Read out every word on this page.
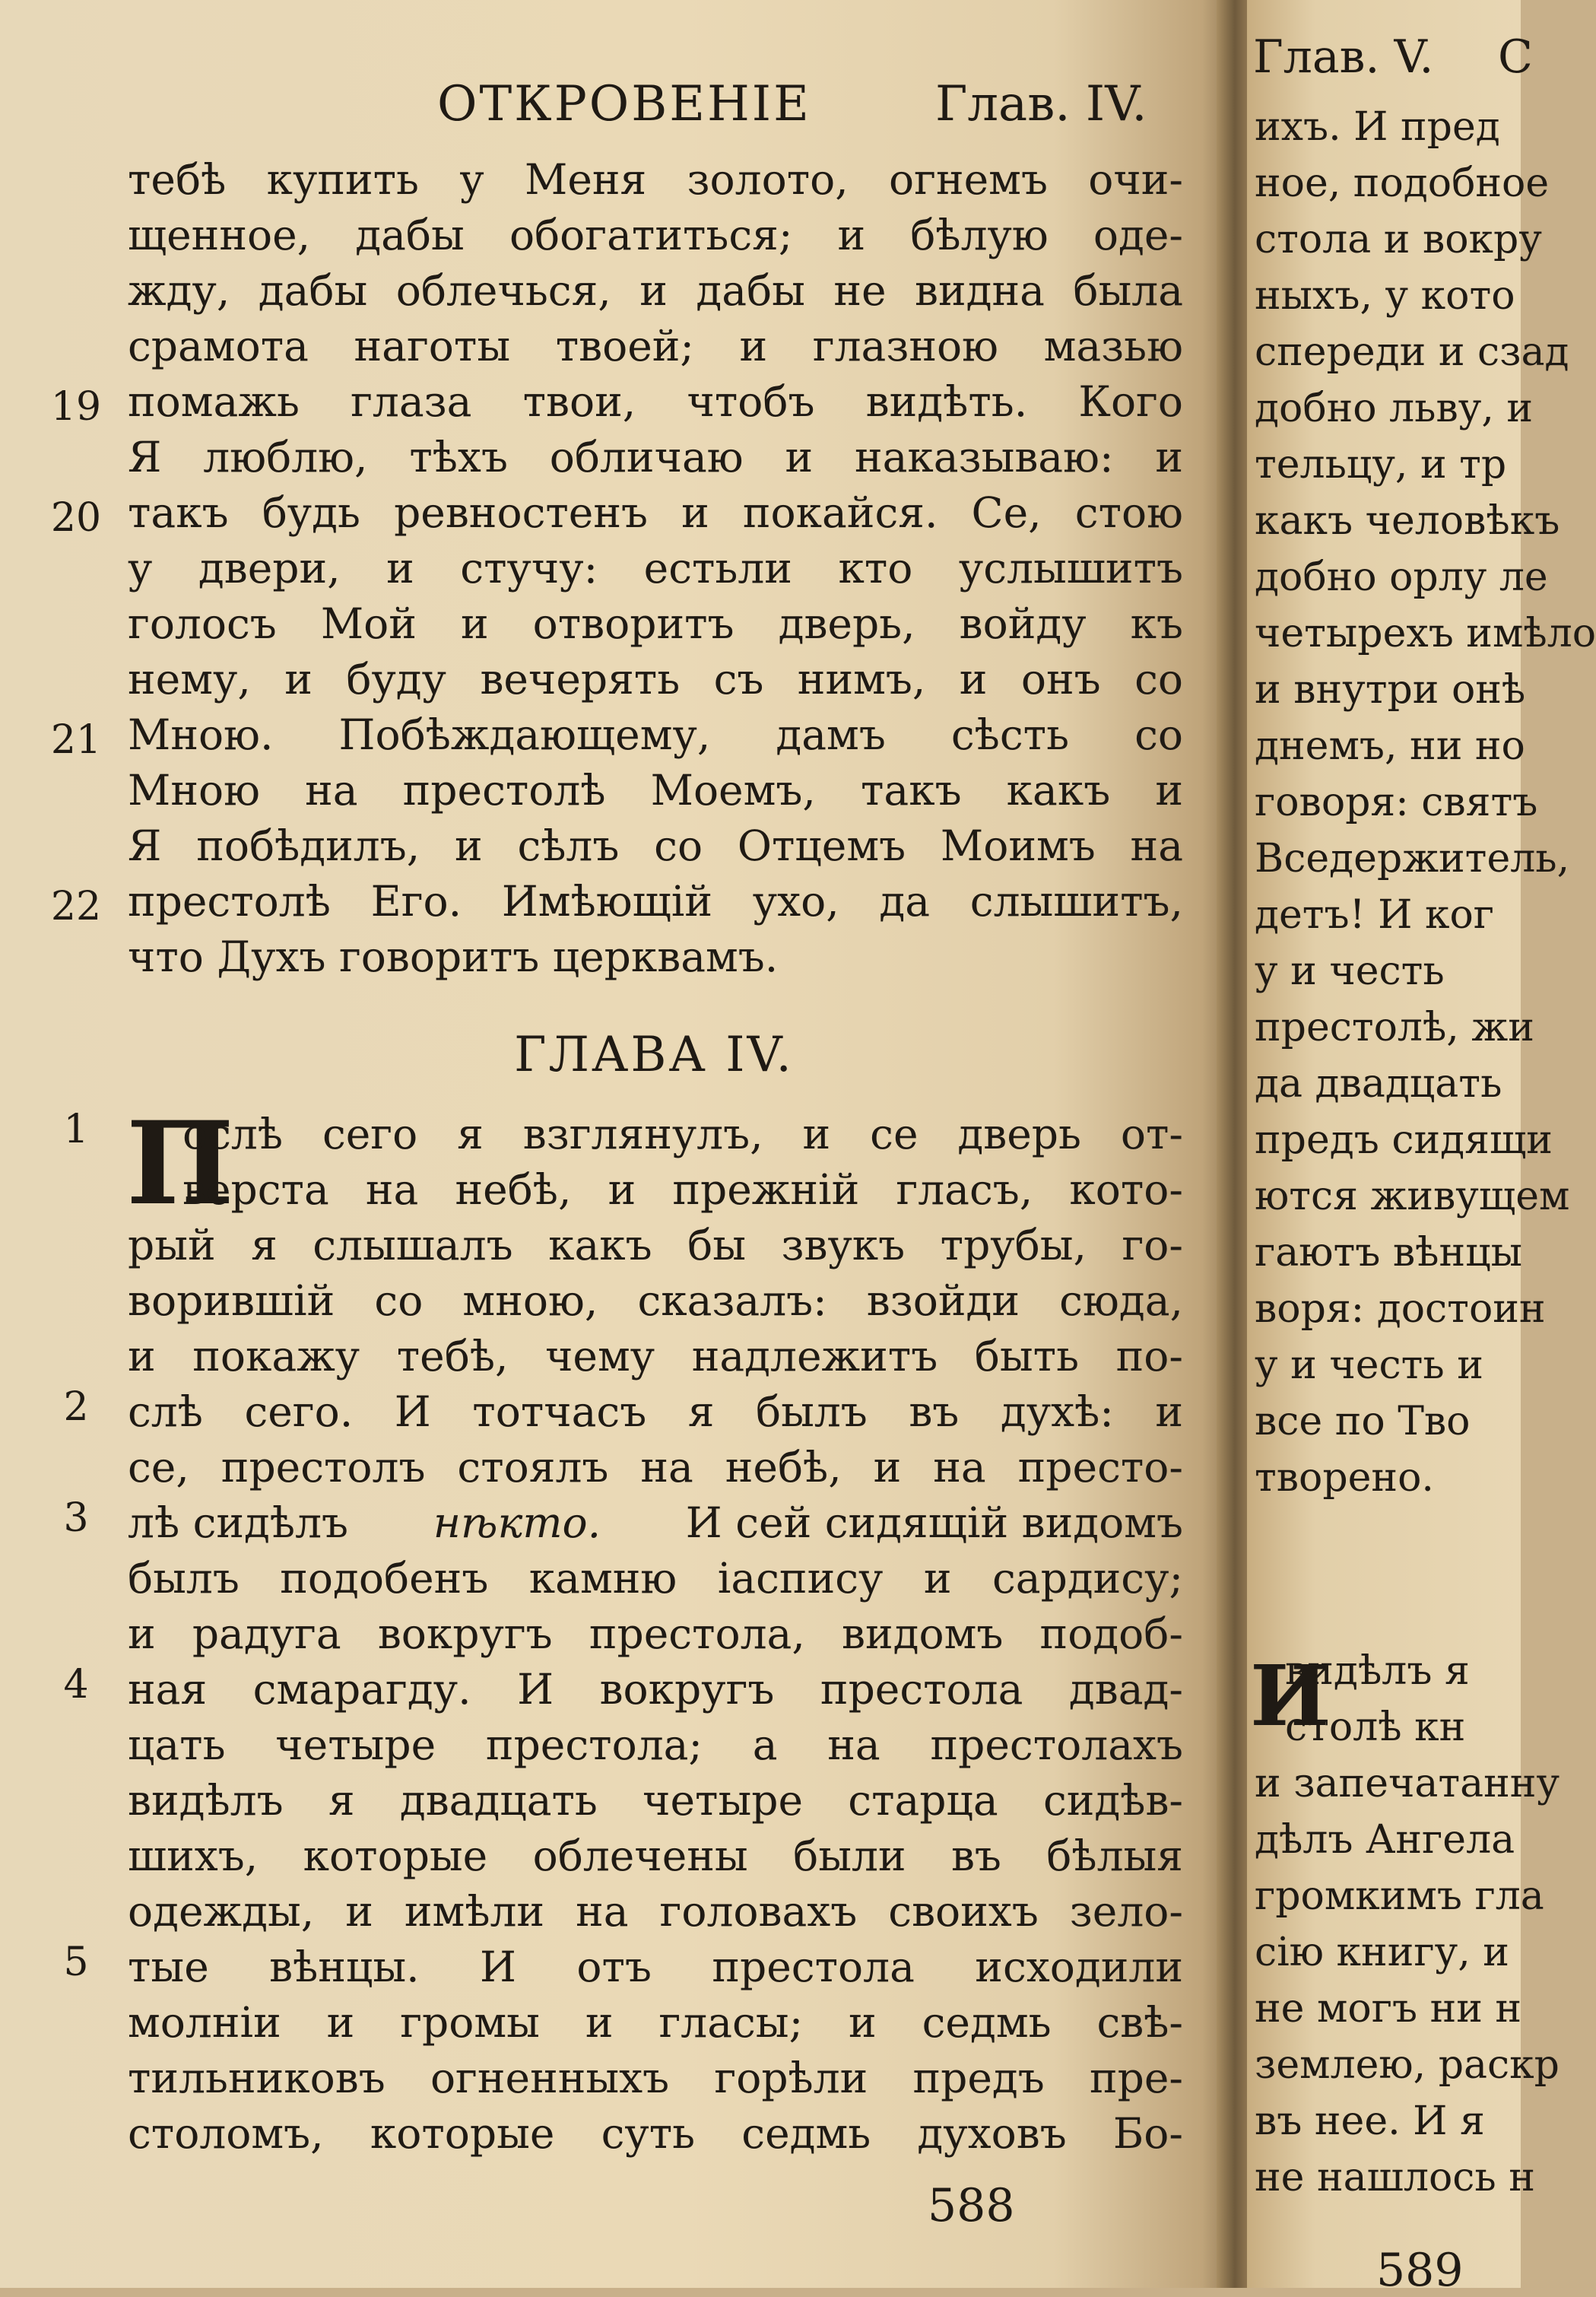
ОТКРОВЕНІЕ	Глав. IV.
19
20
21
22
тебѣ купить у Меня золото, огнемъ очи-
щенное, дабы обогатиться; и бѣлую оде-
жду, дабы облечься, и дабы не видна была
срамота наготы твоей; и глазною мазью
помажь глаза твои, чтобъ видѣть. Кого
Я люблю, тѣхъ обличаю и наказываю: и
такъ будь ревностенъ и покайся. Се, стою
у двери, и стучу: естьли кто услышитъ
голосъ Мой и отворитъ дверь, войду къ
нему, и буду вечерять съ нимъ, и онъ со
Мною. Побѣждающему, дамъ сѣсть со
Мною на престолѣ Моемъ, такъ какъ и
Я побѣдилъ, и сѣлъ со Отцемъ Моимъ на
престолѣ Его. Имѣющій ухо, да слышитъ,
что Духъ говоритъ церквамъ.
ГЛАВА IV.
1
2
3
4
5
П
ослѣ сего я взглянулъ, и се дверь от-
верста на небѣ, и прежній гласъ, кото-
рый я слышалъ какъ бы звукъ трубы, го-
ворившій со мною, сказалъ: взойди сюда,
и покажу тебѣ, чему надлежитъ быть по-
слѣ сего. И тотчасъ я былъ въ духѣ: и
се, престолъ стоялъ на небѣ, и на престо-
лѣ сидѣлъ нѣкто. И сей сидящій видомъ
былъ подобенъ камню іаспису и сардису;
и радуга вокругъ престола, видомъ подоб-
ная смарагду. И вокругъ престола двад-
цать четыре престола; а на престолахъ
видѣлъ я двадцать четыре старца сидѣв-
шихъ, которые облечены были въ бѣлыя
одежды, и имѣли на головахъ своихъ зело-
тые вѣнцы. И отъ престола исходили
молніи и громы и гласы; и седмь свѣ-
тильниковъ огненныхъ горѣли предъ пре-
столомъ, которые суть седмь духовъ Бо-
588
Глав. V. С
ихъ. И пред
ное, подобное
стола и вокру
ныхъ, у кото
спереди и сзад
добно льву, и
тельцу, и тр
какъ человѣкъ
добно орлу ле
четырехъ имѣло
и внутри онѣ
днемъ, ни но
говоря: святъ
Вседержитель,
детъ! И ког
у и честь
престолѣ, жи
да двадцать
предъ сидящи
ются живущем
гаютъ вѣнцы
воря: достоин
у и честь и
все по Тво
творено.
И
видѣлъ я
столѣ кн
и запечатанну
дѣлъ Ангела
громкимъ гла
сію книгу, и
не могъ ни н
землею, раскр
въ нее. И я
не нашлось н
589
